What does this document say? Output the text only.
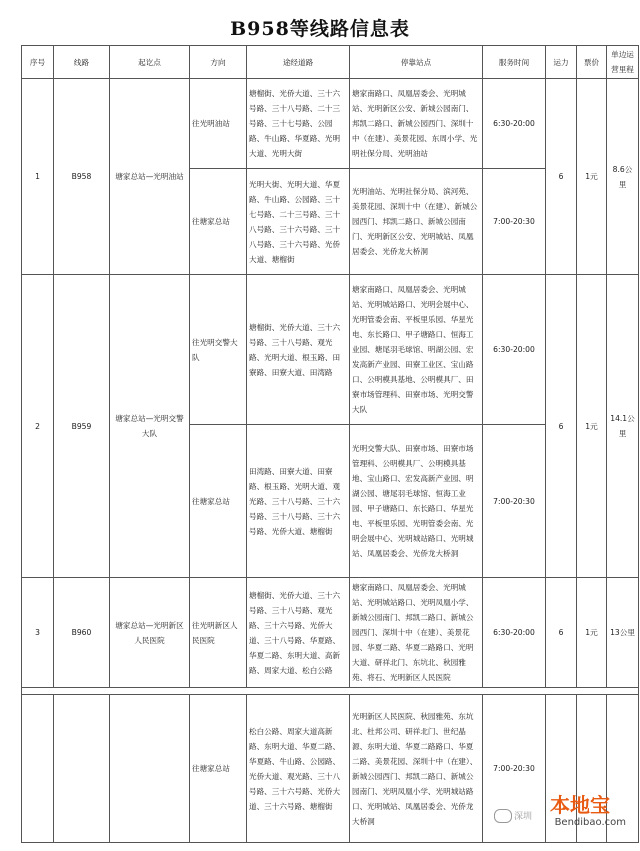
B958等线路信息表
序号	线路	起讫点	方向	途经道路	停靠站点	服务时间	运力	票价	单边运营里程
1	B958	塘家总站—光明油站	往光明油站	塘榴街、光侨大道、三十六号路、三十八号路、二十三号路、三十七号路、公园路、牛山路、华夏路、光明大道、光明大街	塘家南路口、凤凰居委会、光明城站、光明新区公安、新城公园南门、邦凯二路口、新城公园西门、深圳十中（在建）、美景花园、东周小学、光明社保分局、光明油站	6:30-20:00	6	1元	8.6公里
			往塘家总站	光明大街、光明大道、华夏路、牛山路、公园路、三十七号路、二十三号路、三十八号路、三十六号路、三十八号路、三十六号路、光侨大道、塘榴街	光明油站、光明社保分局、滨河苑、美景花园、深圳十中（在建）、新城公园西门、邦凯二路口、新城公园南门、光明新区公安、光明城站、凤凰居委会、光侨龙大桥洞	7:00-20:30			
2	B959	塘家总站—光明交警大队	往光明交警大队	塘榴街、光侨大道、三十六号路、三十八号路、观光路、光明大道、根玉路、田寮路、田寮大道、田湾路	塘家南路口、凤凰居委会、光明城站、光明城站路口、光明会展中心、光明管委会南、平板里乐园、华星光电、东长路口、甲子塘路口、恒海工业园、塘尾羽毛球馆、明湖公园、宏发高新产业园、田寮工业区、宝山路口、公明模具基地、公明模具厂、田寮市场管理科、田寮市场、光明交警大队	6:30-20:00	6	1元	14.1公里
			往塘家总站	田湾路、田寮大道、田寮路、根玉路、光明大道、观光路、三十八号路、三十六号路、三十八号路、三十六号路、光侨大道、塘榴街	光明交警大队、田寮市场、田寮市场管理科、公明模具厂、公明模具基地、宝山路口、宏发高新产业园、明湖公园、塘尾羽毛球馆、恒海工业园、甲子塘路口、东长路口、华星光电、平板里乐园、光明管委会南、光明会展中心、光明城站路口、光明城站、凤凰居委会、光侨龙大桥洞	7:00-20:30			
3	B960	塘家总站—光明新区人民医院	往光明新区人民医院	塘榴街、光侨大道、三十六号路、三十八号路、观光路、三十六号路、光侨大道、三十八号路、华夏路、华夏二路、东明大道、高新路、周家大道、松白公路	塘家南路口、凤凰居委会、光明城站、光明城站路口、光明凤凰小学、新城公园南门、邦凯二路口、新城公园西门、深圳十中（在建）、美景花园、华夏二路、华夏二路路口、光明大道、研祥北门、东坑北、秋园雅苑、将石、光明新区人民医院	6:30-20:00	6	1元	13公里

			往塘家总站	松白公路、周家大道高新路、东明大道、华夏二路、华夏路、牛山路、公园路、光侨大道、观光路、三十八号路、三十六号路、光侨大道、三十六号路、塘榴街	光明新区人民医院、秋园雅苑、东坑北、杜邦公司、研祥北门、世纪晶源、东明大道、华夏二路路口、华夏二路、美景花园、深圳十中（在建）、新城公园西门、邦凯二路口、新城公园南门、光明凤凰小学、光明城站路口、光明城站、凤凰居委会、光侨龙大桥洞	7:00-20:30			
深圳 本地宝
Bendibao.com
